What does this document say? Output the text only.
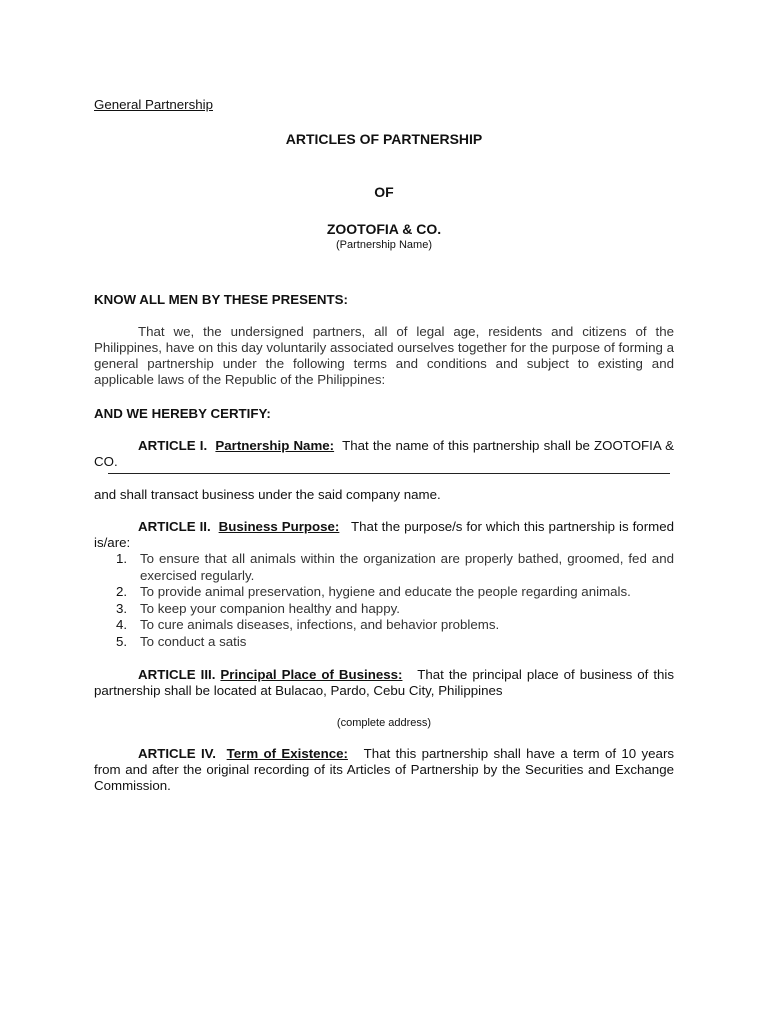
General Partnership
ARTICLES OF PARTNERSHIP
OF
ZOOTOFIA & CO.
(Partnership Name)
KNOW ALL MEN BY THESE PRESENTS:
That we, the undersigned partners, all of legal age, residents and citizens of the Philippines, have on this day voluntarily associated ourselves together for the purpose of forming a general partnership under the following terms and conditions and subject to existing and applicable laws of the Republic of the Philippines:
AND WE HEREBY CERTIFY:
ARTICLE I. Partnership Name: That the name of this partnership shall be ZOOTOFIA & CO.
and shall transact business under the said company name.
ARTICLE II. Business Purpose: That the purpose/s for which this partnership is formed is/are:
1. To ensure that all animals within the organization are properly bathed, groomed, fed and exercised regularly.
2. To provide animal preservation, hygiene and educate the people regarding animals.
3. To keep your companion healthy and happy.
4. To cure animals diseases, infections, and behavior problems.
5. To conduct a satis
ARTICLE III. Principal Place of Business: That the principal place of business of this partnership shall be located at Bulacao, Pardo, Cebu City, Philippines
(complete address)
ARTICLE IV. Term of Existence: That this partnership shall have a term of 10 years from and after the original recording of its Articles of Partnership by the Securities and Exchange Commission.
